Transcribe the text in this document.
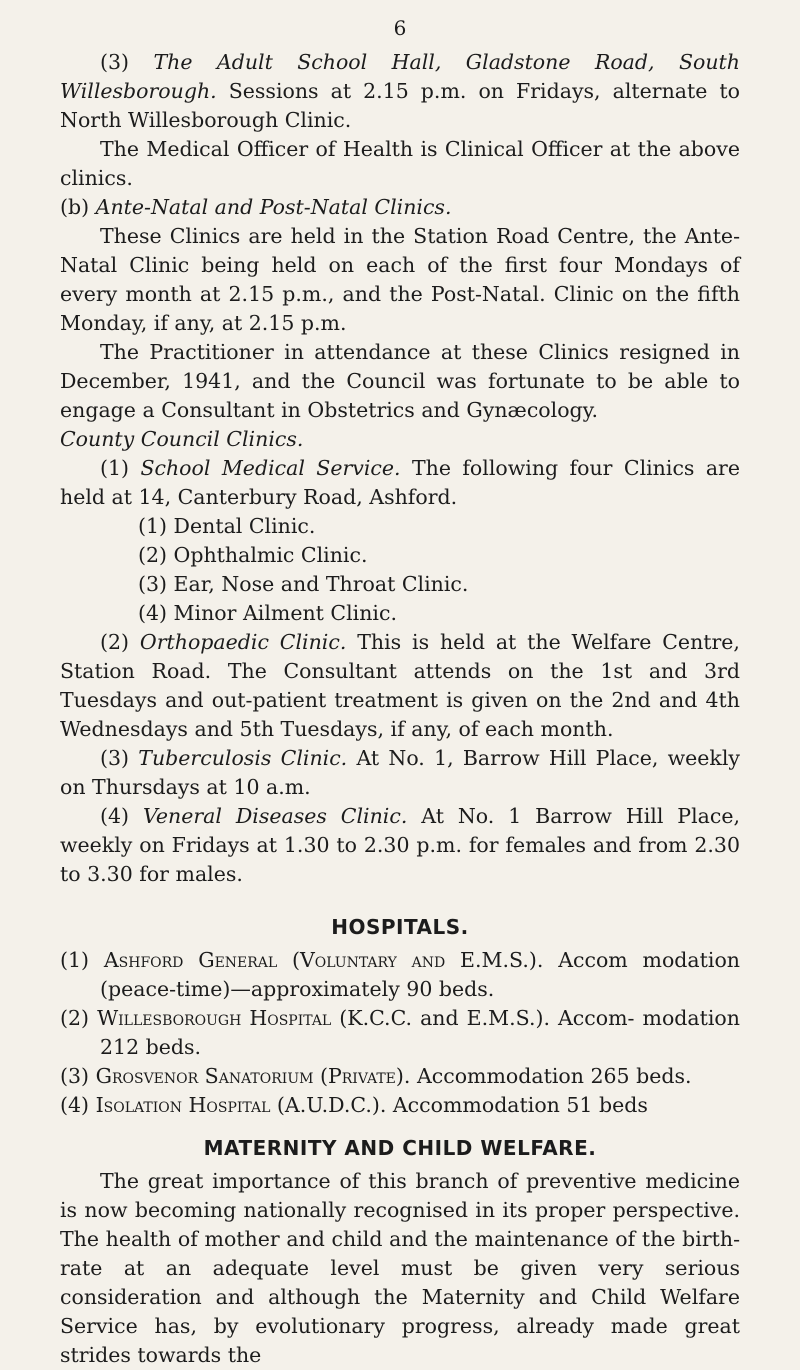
6

(3) The Adult School Hall, Gladstone Road, South Willesborough. Sessions at 2.15 p.m. on Fridays, alternate to North Willesborough Clinic.

The Medical Officer of Health is Clinical Officer at the above clinics.

(b) Ante-Natal and Post-Natal Clinics.

These Clinics are held in the Station Road Centre, the Ante-Natal Clinic being held on each of the first four Mondays of every month at 2.15 p.m., and the Post-Natal. Clinic on the fifth Monday, if any, at 2.15 p.m.

The Practitioner in attendance at these Clinics resigned in December, 1941, and the Council was fortunate to be able to engage a Consultant in Obstetrics and Gynæcology.

County Council Clinics.

(1) School Medical Service. The following four Clinics are held at 14, Canterbury Road, Ashford.

(1) Dental Clinic.

(2) Ophthalmic Clinic.

(3) Ear, Nose and Throat Clinic.

(4) Minor Ailment Clinic.

(2) Orthopaedic Clinic. This is held at the Welfare Centre, Station Road. The Consultant attends on the 1st and 3rd Tuesdays and out-patient treatment is given on the 2nd and 4th Wednesdays and 5th Tuesdays, if any, of each month.

(3) Tuberculosis Clinic. At No. 1, Barrow Hill Place, weekly on Thursdays at 10 a.m.

(4) Veneral Diseases Clinic. At No. 1 Barrow Hill Place, weekly on Fridays at 1.30 to 2.30 p.m. for females and from 2.30 to 3.30 for males.

HOSPITALS.

(1) Ashford General (Voluntary and E.M.S.). Accom modation (peace-time)—approximately 90 beds.

(2) Willesborough Hospital (K.C.C. and E.M.S.). Accom- modation 212 beds.

(3) Grosvenor Sanatorium (Private). Accommodation 265 beds.

(4) Isolation Hospital (A.U.D.C.). Accommodation 51 beds

MATERNITY AND CHILD WELFARE.

The great importance of this branch of preventive medicine is now becoming nationally recognised in its proper perspective. The health of mother and child and the maintenance of the birth-rate at an adequate level must be given very serious consideration and although the Maternity and Child Welfare Service has, by evolutionary progress, already made great strides towards the
